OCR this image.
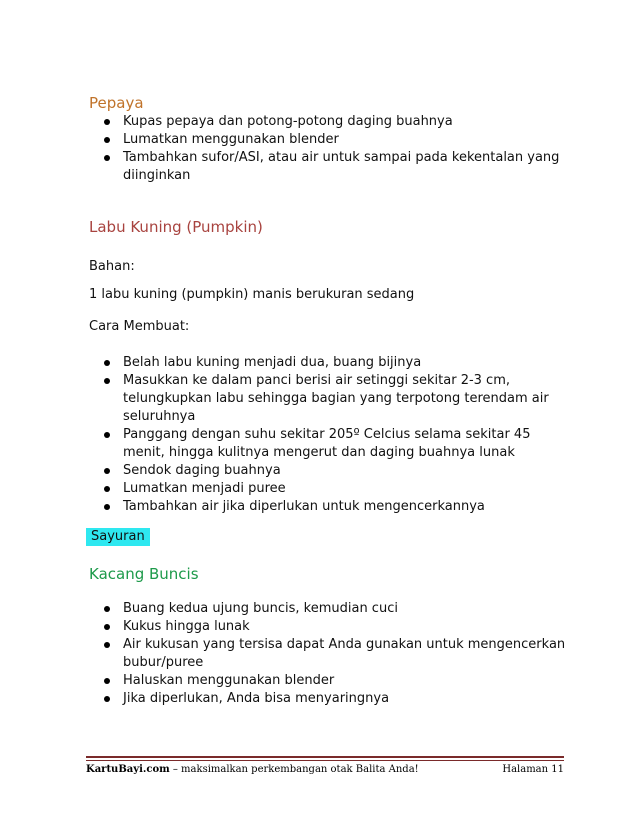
Pepaya
Kupas pepaya dan potong-potong daging buahnya
Lumatkan menggunakan blender
Tambahkan sufor/ASI, atau air untuk sampai pada kekentalan yang diinginkan
Labu Kuning (Pumpkin)
Bahan:
1 labu kuning (pumpkin) manis berukuran sedang
Cara Membuat:
Belah labu kuning menjadi dua, buang bijinya
Masukkan ke dalam panci berisi air setinggi sekitar 2-3 cm, telungkupkan labu sehingga bagian yang terpotong terendam air seluruhnya
Panggang dengan suhu sekitar 205º Celcius selama sekitar 45 menit, hingga kulitnya mengerut dan daging buahnya lunak
Sendok daging buahnya
Lumatkan menjadi puree
Tambahkan air jika diperlukan untuk mengencerkannya
Sayuran
Kacang Buncis
Buang kedua ujung buncis, kemudian cuci
Kukus hingga lunak
Air kukusan yang tersisa dapat Anda gunakan untuk mengencerkan bubur/puree
Haluskan menggunakan blender
Jika diperlukan, Anda bisa menyaringnya
KartuBayi.com – maksimalkan perkembangan otak Balita Anda!	Halaman 11
